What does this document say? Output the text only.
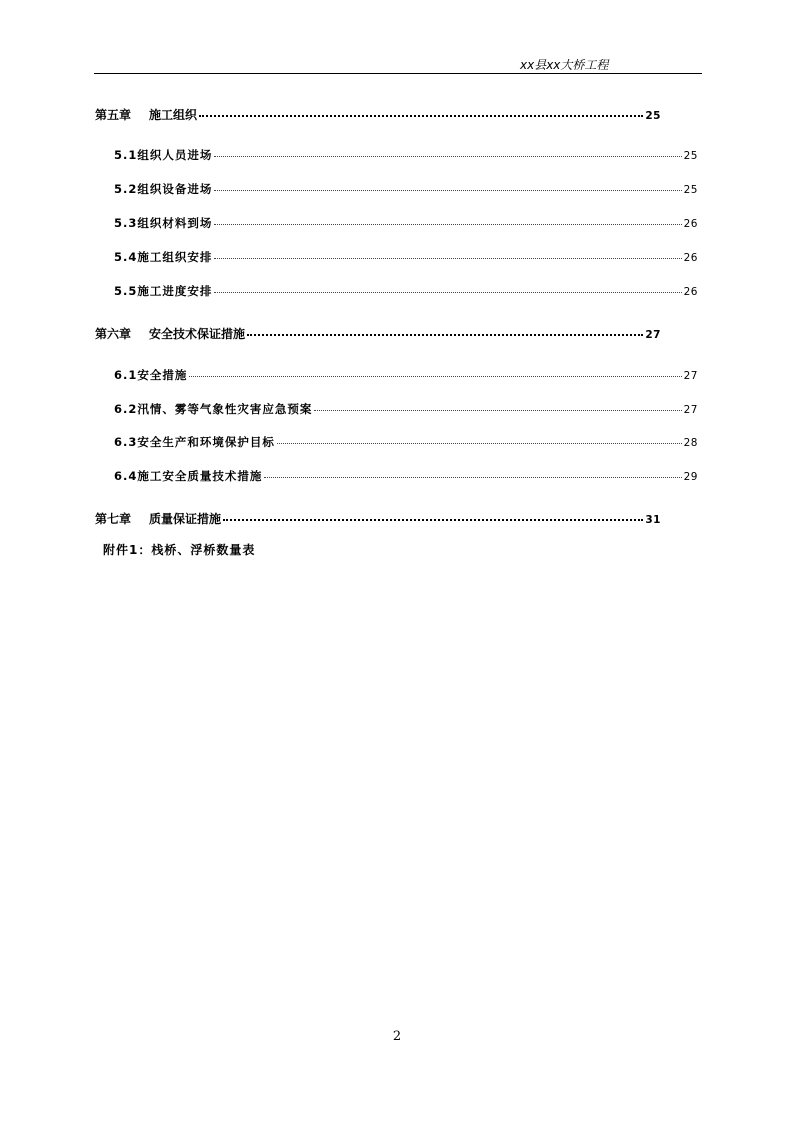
xx县xx大桥工程
第五章 施工组织	25
5.1组织人员进场	25
5.2组织设备进场	25
5.3组织材料到场	26
5.4施工组织安排	26
5.5施工进度安排	26
第六章 安全技术保证措施	27
6.1安全措施	27
6.2汛情、雾等气象性灾害应急预案	27
6.3安全生产和环境保护目标	28
6.4施工安全质量技术措施	29
第七章 质量保证措施	31
附件1：栈桥、浮桥数量表
2
